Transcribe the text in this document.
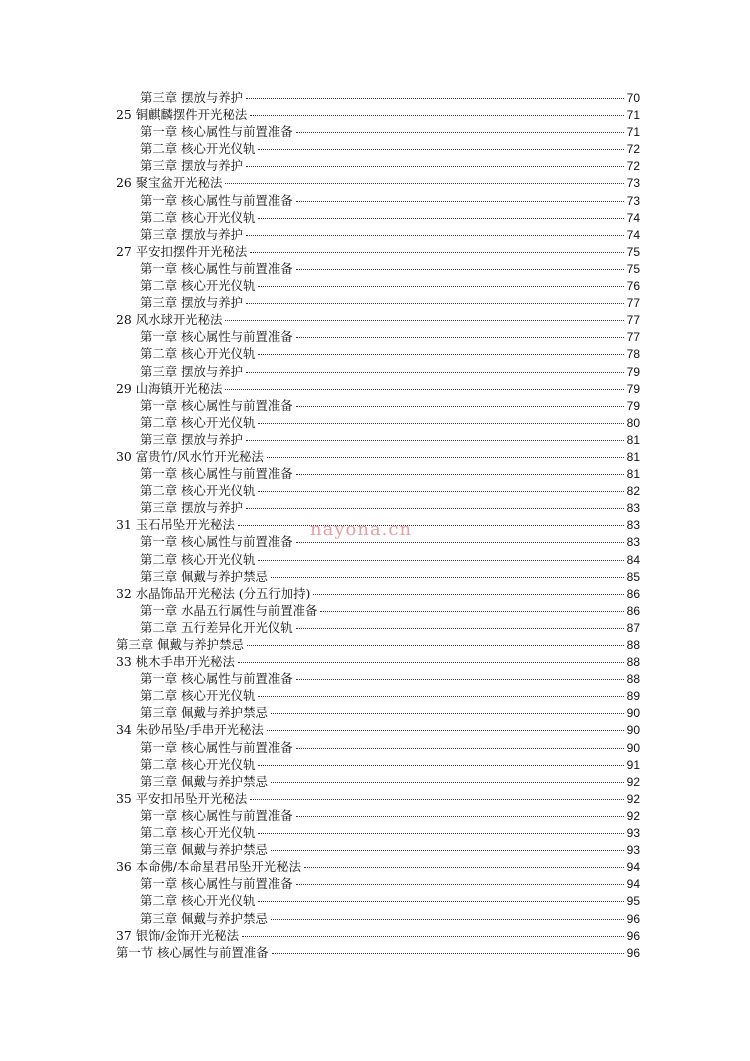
第三章 摆放与养护	70
25 铜麒麟摆件开光秘法	71
第一章 核心属性与前置准备	71
第二章 核心开光仪轨	72
第三章 摆放与养护	72
26 聚宝盆开光秘法	73
第一章 核心属性与前置准备	73
第二章 核心开光仪轨	74
第三章 摆放与养护	74
27 平安扣摆件开光秘法	75
第一章 核心属性与前置准备	75
第二章 核心开光仪轨	76
第三章 摆放与养护	77
28 风水球开光秘法	77
第一章 核心属性与前置准备	77
第二章 核心开光仪轨	78
第三章 摆放与养护	79
29 山海镇开光秘法	79
第一章 核心属性与前置准备	79
第二章 核心开光仪轨	80
第三章 摆放与养护	81
30 富贵竹/风水竹开光秘法	81
第一章 核心属性与前置准备	81
第二章 核心开光仪轨	82
第三章 摆放与养护	83
31 玉石吊坠开光秘法	83
第一章 核心属性与前置准备	83
第二章 核心开光仪轨	84
第三章 佩戴与养护禁忌	85
32 水晶饰品开光秘法 (分五行加持)	86
第一章 水晶五行属性与前置准备	86
第二章 五行差异化开光仪轨	87
第三章 佩戴与养护禁忌	88
33 桃木手串开光秘法	88
第一章 核心属性与前置准备	88
第二章 核心开光仪轨	89
第三章 佩戴与养护禁忌	90
34 朱砂吊坠/手串开光秘法	90
第一章 核心属性与前置准备	90
第二章 核心开光仪轨	91
第三章 佩戴与养护禁忌	92
35 平安扣吊坠开光秘法	92
第一章 核心属性与前置准备	92
第二章 核心开光仪轨	93
第三章 佩戴与养护禁忌	93
36 本命佛/本命星君吊坠开光秘法	94
第一章 核心属性与前置准备	94
第二章 核心开光仪轨	95
第三章 佩戴与养护禁忌	96
37 银饰/金饰开光秘法	96
第一节 核心属性与前置准备	96
nayona.cn
